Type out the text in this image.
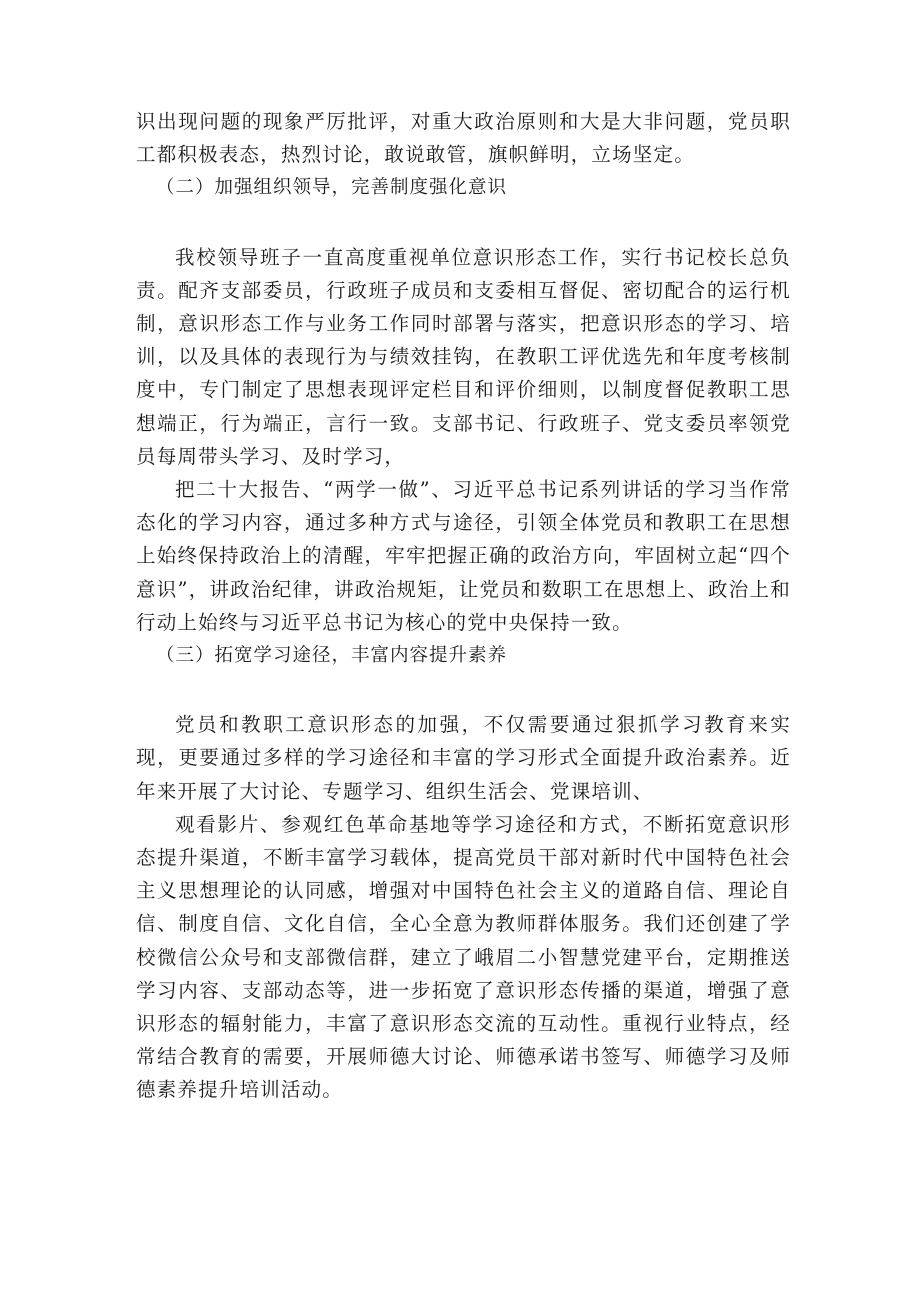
识出现问题的现象严厉批评，对重大政治原则和大是大非问题，党员职工都积极表态，热烈讨论，敢说敢管，旗帜鲜明，立场坚定。

（二）加强组织领导，完善制度强化意识

我校领导班子一直高度重视单位意识形态工作，实行书记校长总负责。配齐支部委员，行政班子成员和支委相互督促、密切配合的运行机制，意识形态工作与业务工作同时部署与落实，把意识形态的学习、培训，以及具体的表现行为与绩效挂钩，在教职工评优选先和年度考核制度中，专门制定了思想表现评定栏目和评价细则，以制度督促教职工思想端正，行为端正，言行一致。支部书记、行政班子、党支委员率领党员每周带头学习、及时学习，

把二十大报告、“两学一做”、习近平总书记系列讲话的学习当作常态化的学习内容，通过多种方式与途径，引领全体党员和教职工在思想上始终保持政治上的清醒，牢牢把握正确的政治方向，牢固树立起“四个意识”，讲政治纪律，讲政治规矩，让党员和数职工在思想上、政治上和行动上始终与习近平总书记为核心的党中央保持一致。

（三）拓宽学习途径，丰富内容提升素养

党员和教职工意识形态的加强，不仅需要通过狠抓学习教育来实现，更要通过多样的学习途径和丰富的学习形式全面提升政治素养。近年来开展了大讨论、专题学习、组织生活会、党课培训、

观看影片、参观红色革命基地等学习途径和方式，不断拓宽意识形态提升渠道，不断丰富学习载体，提高党员干部对新时代中国特色社会主义思想理论的认同感，增强对中国特色社会主义的道路自信、理论自信、制度自信、文化自信，全心全意为教师群体服务。我们还创建了学校微信公众号和支部微信群，建立了峨眉二小智慧党建平台，定期推送学习内容、支部动态等，进一步拓宽了意识形态传播的渠道，增强了意识形态的辐射能力，丰富了意识形态交流的互动性。重视行业特点，经常结合教育的需要，开展师德大讨论、师德承诺书签写、师德学习及师德素养提升培训活动。
